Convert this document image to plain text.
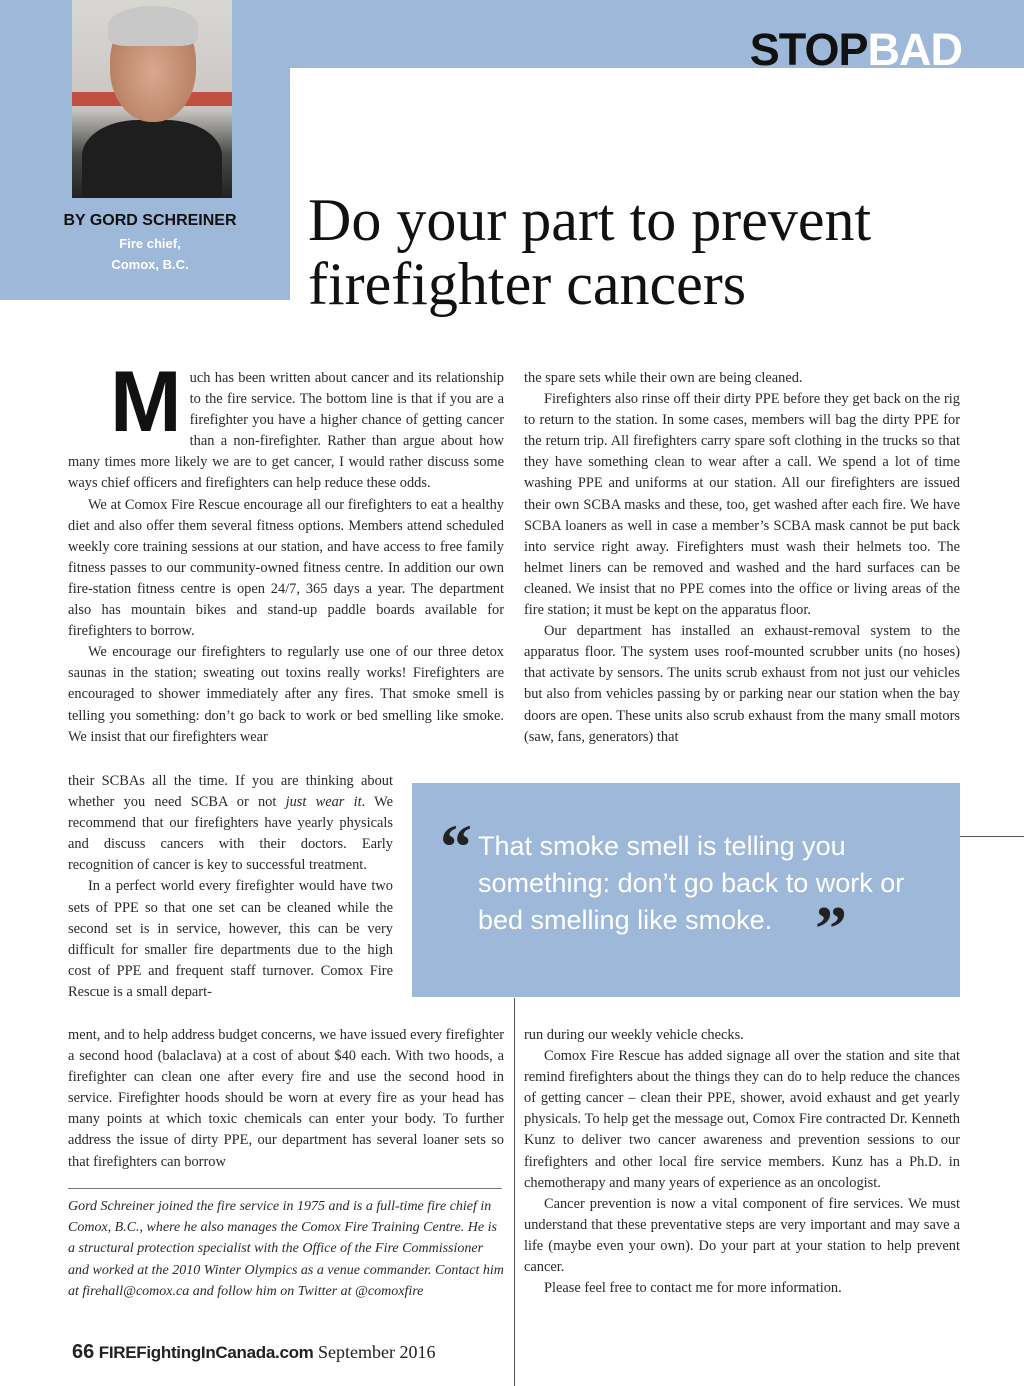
STOPBAD
BY GORD SCHREINER
Fire chief,
Comox, B.C.
Do your part to prevent firefighter cancers
M uch has been written about cancer and its relationship to the fire service. The bottom line is that if you are a firefighter you have a higher chance of getting cancer than a non-firefighter. Rather than argue about how many times more likely we are to get cancer, I would rather discuss some ways chief officers and firefighters can help reduce these odds.

We at Comox Fire Rescue encourage all our firefighters to eat a healthy diet and also offer them several fitness options. Members attend scheduled weekly core training sessions at our station, and have access to free family fitness passes to our community-owned fitness centre. In addition our own fire-station fitness centre is open 24/7, 365 days a year. The department also has mountain bikes and stand-up paddle boards available for firefighters to borrow.

We encourage our firefighters to regularly use one of our three detox saunas in the station; sweating out toxins really works! Firefighters are encouraged to shower immediately after any fires. That smoke smell is telling you something: don’t go back to work or bed smelling like smoke. We insist that our firefighters wear

their SCBAs all the time. If you are thinking about whether you need SCBA or not just wear it. We recommend that our firefighters have yearly physicals and discuss cancers with their doctors. Early recognition of cancer is key to successful treatment.

In a perfect world every firefighter would have two sets of PPE so that one set can be cleaned while the second set is in service, however, this can be very difficult for smaller fire departments due to the high cost of PPE and frequent staff turnover. Comox Fire Rescue is a small depart-

ment, and to help address budget concerns, we have issued every firefighter a second hood (balaclava) at a cost of about $40 each. With two hoods, a firefighter can clean one after every fire and use the second hood in service. Firefighter hoods should be worn at every fire as your head has many points at which toxic chemicals can enter your body. To further address the issue of dirty PPE, our department has several loaner sets so that firefighters can borrow

the spare sets while their own are being cleaned.

Firefighters also rinse off their dirty PPE before they get back on the rig to return to the station. In some cases, members will bag the dirty PPE for the return trip. All firefighters carry spare soft clothing in the trucks so that they have something clean to wear after a call. We spend a lot of time washing PPE and uniforms at our station. All our firefighters are issued their own SCBA masks and these, too, get washed after each fire. We have SCBA loaners as well in case a member’s SCBA mask cannot be put back into service right away. Firefighters must wash their helmets too. The helmet liners can be removed and washed and the hard surfaces can be cleaned. We insist that no PPE comes into the office or living areas of the fire station; it must be kept on the apparatus floor.

Our department has installed an exhaust-removal system to the apparatus floor. The system uses roof-mounted scrubber units (no hoses) that activate by sensors. The units scrub exhaust from not just our vehicles but also from vehicles passing by or parking near our station when the bay doors are open. These units also scrub exhaust from the many small motors (saw, fans, generators) that

“ That smoke smell is telling you something: don’t go back to work or bed smelling like smoke. ”

run during our weekly vehicle checks.

Comox Fire Rescue has added signage all over the station and site that remind firefighters about the things they can do to help reduce the chances of getting cancer – clean their PPE, shower, avoid exhaust and get yearly physicals. To help get the message out, Comox Fire contracted Dr. Kenneth Kunz to deliver two cancer awareness and prevention sessions to our firefighters and other local fire service members. Kunz has a Ph.D. in chemotherapy and many years of experience as an oncologist.

Cancer prevention is now a vital component of fire services. We must understand that these preventative steps are very important and may save a life (maybe even your own). Do your part at your station to help prevent cancer.

Please feel free to contact me for more information.

Gord Schreiner joined the fire service in 1975 and is a full-time fire chief in Comox, B.C., where he also manages the Comox Fire Training Centre. He is a structural protection specialist with the Office of the Fire Commissioner and worked at the 2010 Winter Olympics as a venue commander. Contact him at firehall@comox.ca and follow him on Twitter at @comoxfire
66 FIREFightingInCanada.com September 2016
